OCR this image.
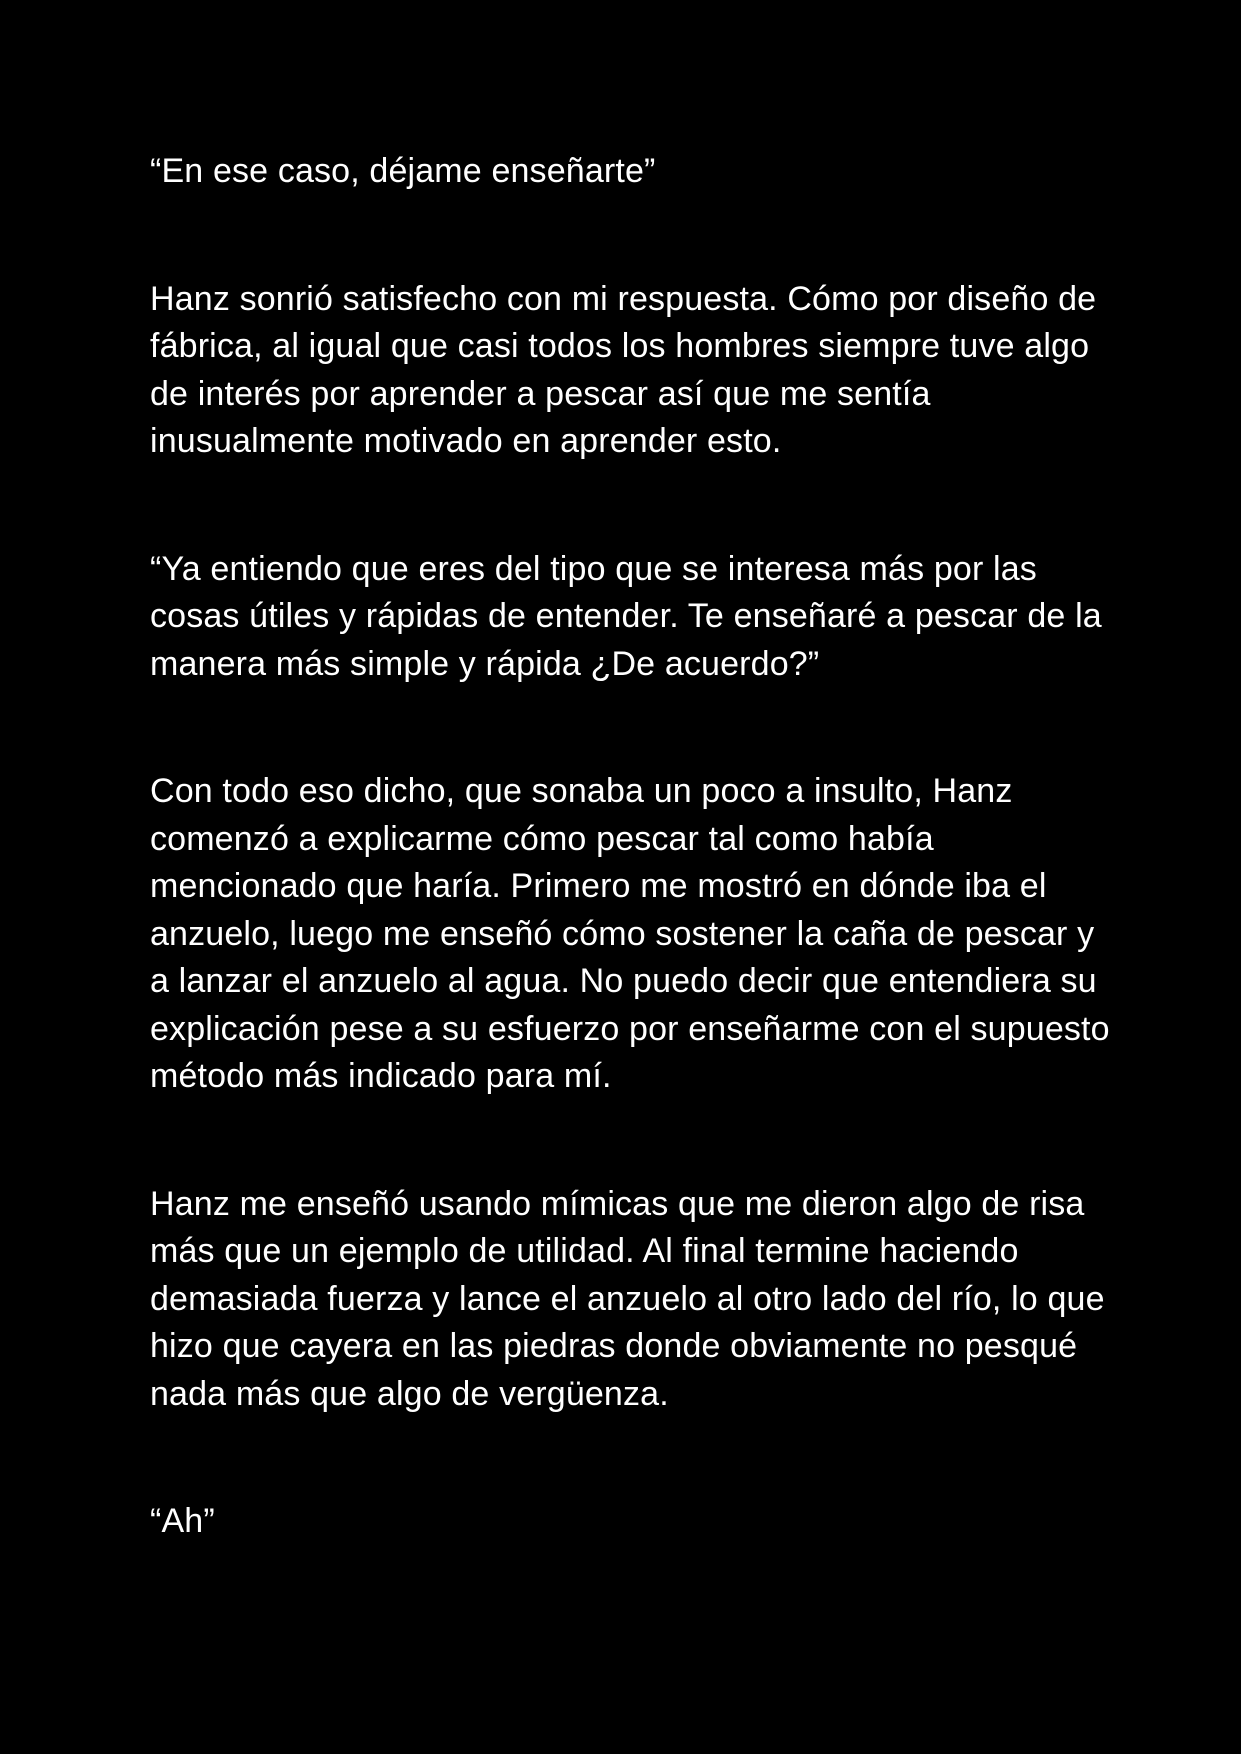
“En ese caso, déjame enseñarte”

Hanz sonrió satisfecho con mi respuesta. Cómo por diseño de fábrica, al igual que casi todos los hombres siempre tuve algo de interés por aprender a pescar así que me sentía inusualmente motivado en aprender esto.

“Ya entiendo que eres del tipo que se interesa más por las cosas útiles y rápidas de entender. Te enseñaré a pescar de la manera más simple y rápida ¿De acuerdo?”

Con todo eso dicho, que sonaba un poco a insulto, Hanz comenzó a explicarme cómo pescar tal como había mencionado que haría. Primero me mostró en dónde iba el anzuelo, luego me enseñó cómo sostener la caña de pescar y a lanzar el anzuelo al agua. No puedo decir que entendiera su explicación pese a su esfuerzo por enseñarme con el supuesto método más indicado para mí.

Hanz me enseñó usando mímicas que me dieron algo de risa más que un ejemplo de utilidad. Al final termine haciendo demasiada fuerza y lance el anzuelo al otro lado del río, lo que hizo que cayera en las piedras donde obviamente no pesqué nada más que algo de vergüenza.

“Ah”
